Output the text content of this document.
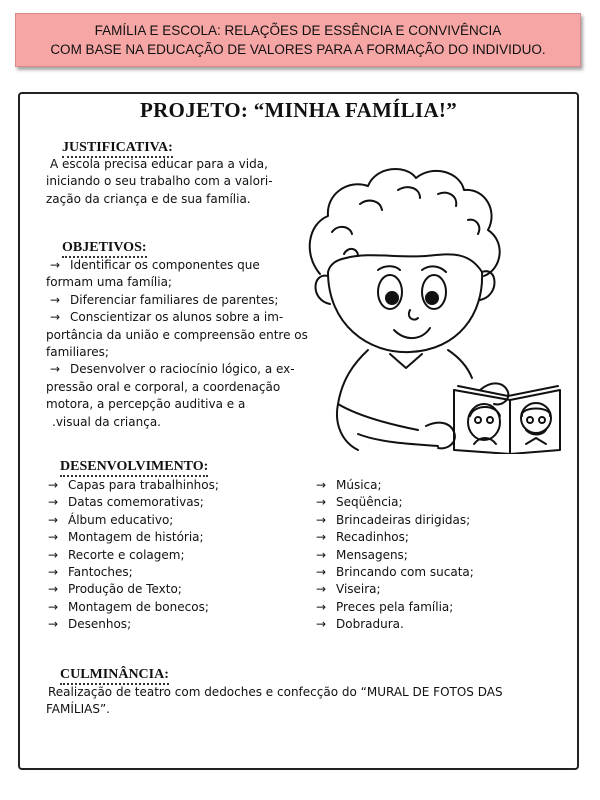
FAMÍLIA E ESCOLA: RELAÇÕES DE ESSÊNCIA E CONVIVÊNCIA
COM BASE NA EDUCAÇÃO DE VALORES PARA A FORMAÇÃO DO INDIVIDUO.
PROJETO: “MINHA FAMÍLIA!”
JUSTIFICATIVA:
A escola precisa educar para a vida,
iniciando o seu trabalho com a valori-
zação da criança e de sua família.
OBJETIVOS:
→ Identificar os componentes que
formam uma família;
→ Diferenciar familiares de parentes;
→ Conscientizar os alunos sobre a im-
portância da união e compreensão entre os
familiares;
→ Desenvolver o raciocínio lógico, a ex-
pressão oral e corporal, a coordenação
motora, a percepção auditiva e a
.visual da criança.
DESENVOLVIMENTO:
→ Capas para trabalhinhos;
→ Datas comemorativas;
→ Álbum educativo;
→ Montagem de história;
→ Recorte e colagem;
→ Fantoches;
→ Produção de Texto;
→ Montagem de bonecos;
→ Desenhos;
→ Música;
→ Seqüência;
→ Brincadeiras dirigidas;
→ Recadinhos;
→ Mensagens;
→ Brincando com sucata;
→ Viseira;
→ Preces pela família;
→ Dobradura.
CULMINÂNCIA:
Realização de teatro com dedoches e confecção do “MURAL DE FOTOS DAS
FAMÍLIAS”.
